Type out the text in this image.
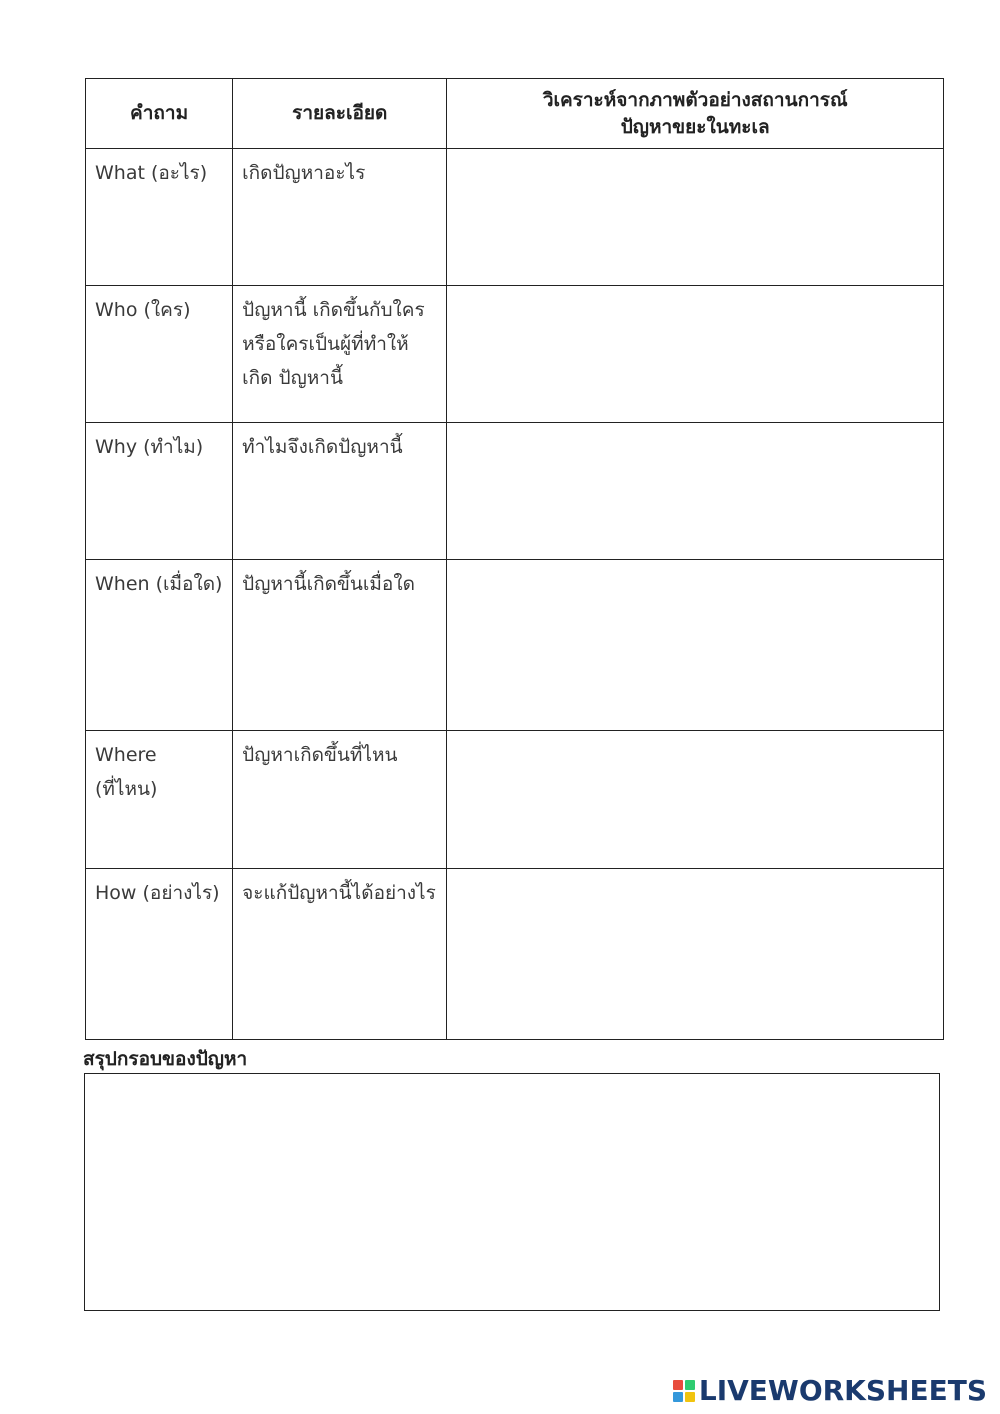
คำถาม	รายละเอียด	วิเคราะห์จากภาพตัวอย่างสถานการณ์
ปัญหาขยะในทะเล

What (อะไร)	เกิดปัญหาอะไร	

Who (ใคร)	ปัญหานี้ เกิดขึ้นกับใคร หรือใครเป็นผู้ที่ทำให้เกิด ปัญหานี้	

Why (ทำไม)	ทำไมจึงเกิดปัญหานี้	

When (เมื่อใด)	ปัญหานี้เกิดขึ้นเมื่อใด	

Where (ที่ไหน)	ปัญหาเกิดขึ้นที่ไหน	

How (อย่างไร)	จะแก้ปัญหานี้ได้อย่างไร	

สรุปกรอบของปัญหา
LIVEWORKSHEETS
